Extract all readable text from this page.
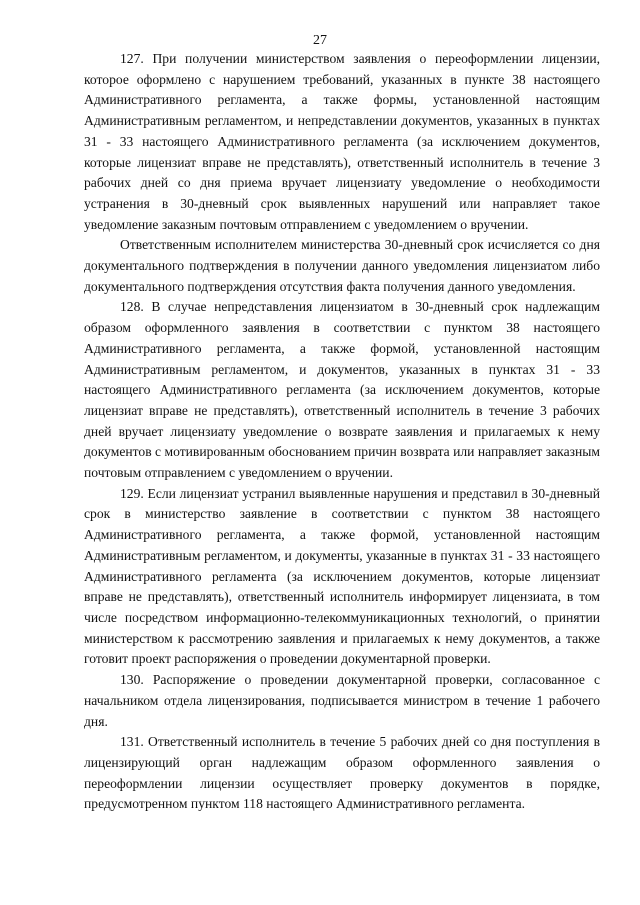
27

127. При получении министерством заявления о переоформлении лицензии, которое оформлено с нарушением требований, указанных в пункте 38 настоящего Административного регламента, а также формы, установленной настоящим Административным регламентом, и непредставлении документов, указанных в пунктах 31 - 33 настоящего Административного регламента (за исключением документов, которые лицензиат вправе не представлять), ответственный исполнитель в течение 3 рабочих дней со дня приема вручает лицензиату уведомление о необходимости устранения в 30-дневный срок выявленных нарушений или направляет такое уведомление заказным почтовым отправлением с уведомлением о вручении.

Ответственным исполнителем министерства 30-дневный срок исчисляется со дня документального подтверждения в получении данного уведомления лицензиатом либо документального подтверждения отсутствия факта получения данного уведомления.

128. В случае непредставления лицензиатом в 30-дневный срок надлежащим образом оформленного заявления в соответствии с пунктом 38 настоящего Административного регламента, а также формой, установленной настоящим Административным регламентом, и документов, указанных в пунктах 31 - 33 настоящего Административного регламента (за исключением документов, которые лицензиат вправе не представлять), ответственный исполнитель в течение 3 рабочих дней вручает лицензиату уведомление о возврате заявления и прилагаемых к нему документов с мотивированным обоснованием причин возврата или направляет заказным почтовым отправлением с уведомлением о вручении.

129. Если лицензиат устранил выявленные нарушения и представил в 30-дневный срок в министерство заявление в соответствии с пунктом 38 настоящего Административного регламента, а также формой, установленной настоящим Административным регламентом, и документы, указанные в пунктах 31 - 33 настоящего Административного регламента (за исключением документов, которые лицензиат вправе не представлять), ответственный исполнитель информирует лицензиата, в том числе посредством информационно-телекоммуникационных технологий, о принятии министерством к рассмотрению заявления и прилагаемых к нему документов, а также готовит проект распоряжения о проведении документарной проверки.

130. Распоряжение о проведении документарной проверки, согласованное с начальником отдела лицензирования, подписывается министром в течение 1 рабочего дня.

131. Ответственный исполнитель в течение 5 рабочих дней со дня поступления в лицензирующий орган надлежащим образом оформленного заявления о переоформлении лицензии осуществляет проверку документов в порядке, предусмотренном пунктом 118 настоящего Административного регламента.
